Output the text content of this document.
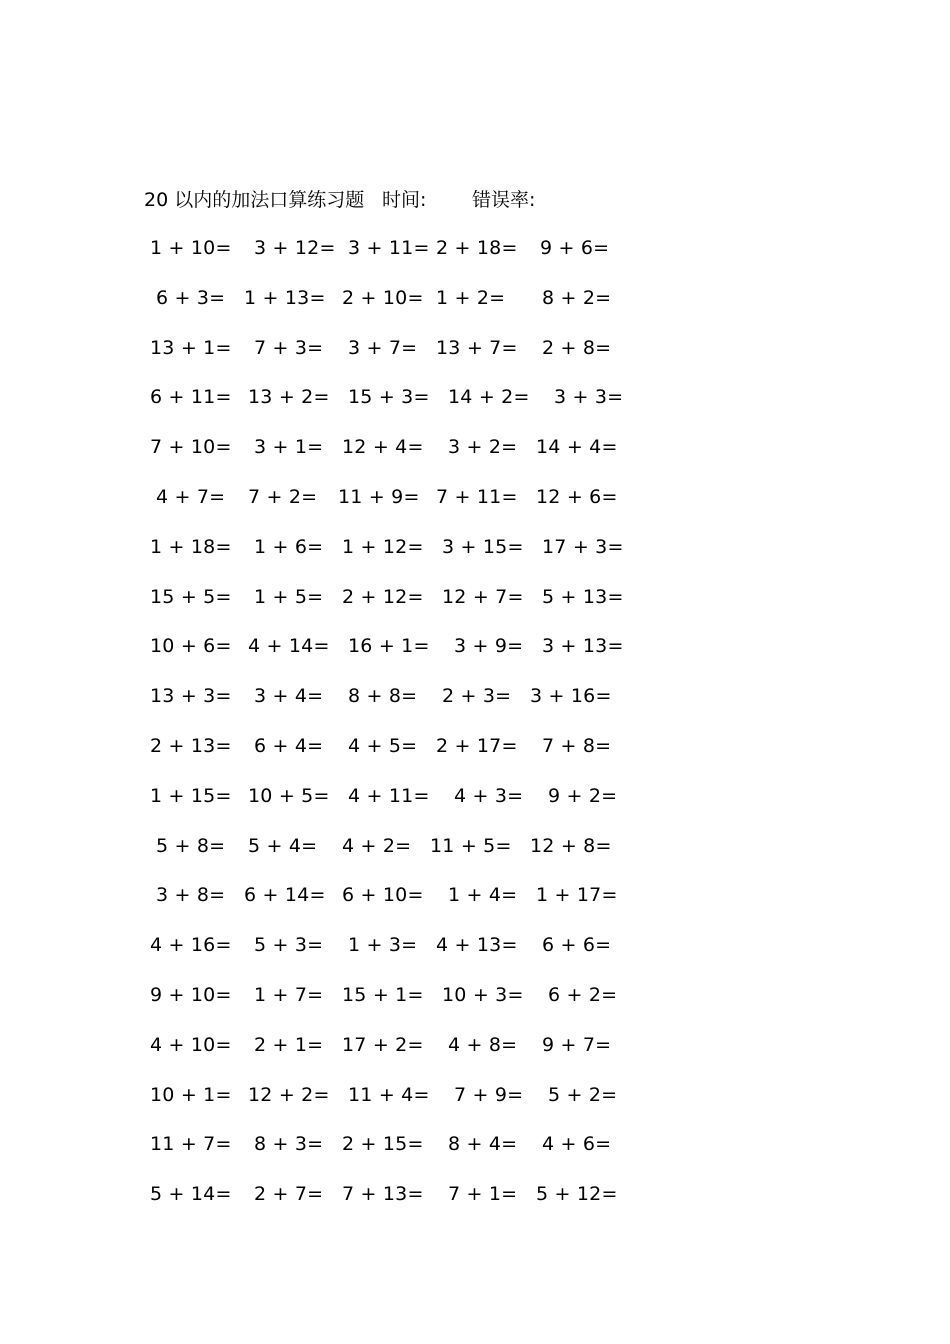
20 以内的加法口算练习题 时间: 错误率:
1 + 10= 3 + 12= 3 + 11= 2 + 18= 9 + 6=
6 + 3= 1 + 13= 2 + 10= 1 + 2= 8 + 2=
13 + 1= 7 + 3= 3 + 7= 13 + 7= 2 + 8=
6 + 11= 13 + 2= 15 + 3= 14 + 2= 3 + 3=
7 + 10= 3 + 1= 12 + 4= 3 + 2= 14 + 4=
4 + 7= 7 + 2= 11 + 9= 7 + 11= 12 + 6=
1 + 18= 1 + 6= 1 + 12= 3 + 15= 17 + 3=
15 + 5= 1 + 5= 2 + 12= 12 + 7= 5 + 13=
10 + 6= 4 + 14= 16 + 1= 3 + 9= 3 + 13=
13 + 3= 3 + 4= 8 + 8= 2 + 3= 3 + 16=
2 + 13= 6 + 4= 4 + 5= 2 + 17= 7 + 8=
1 + 15= 10 + 5= 4 + 11= 4 + 3= 9 + 2=
5 + 8= 5 + 4= 4 + 2= 11 + 5= 12 + 8=
3 + 8= 6 + 14= 6 + 10= 1 + 4= 1 + 17=
4 + 16= 5 + 3= 1 + 3= 4 + 13= 6 + 6=
9 + 10= 1 + 7= 15 + 1= 10 + 3= 6 + 2=
4 + 10= 2 + 1= 17 + 2= 4 + 8= 9 + 7=
10 + 1= 12 + 2= 11 + 4= 7 + 9= 5 + 2=
11 + 7= 8 + 3= 2 + 15= 8 + 4= 4 + 6=
5 + 14= 2 + 7= 7 + 13= 7 + 1= 5 + 12=
